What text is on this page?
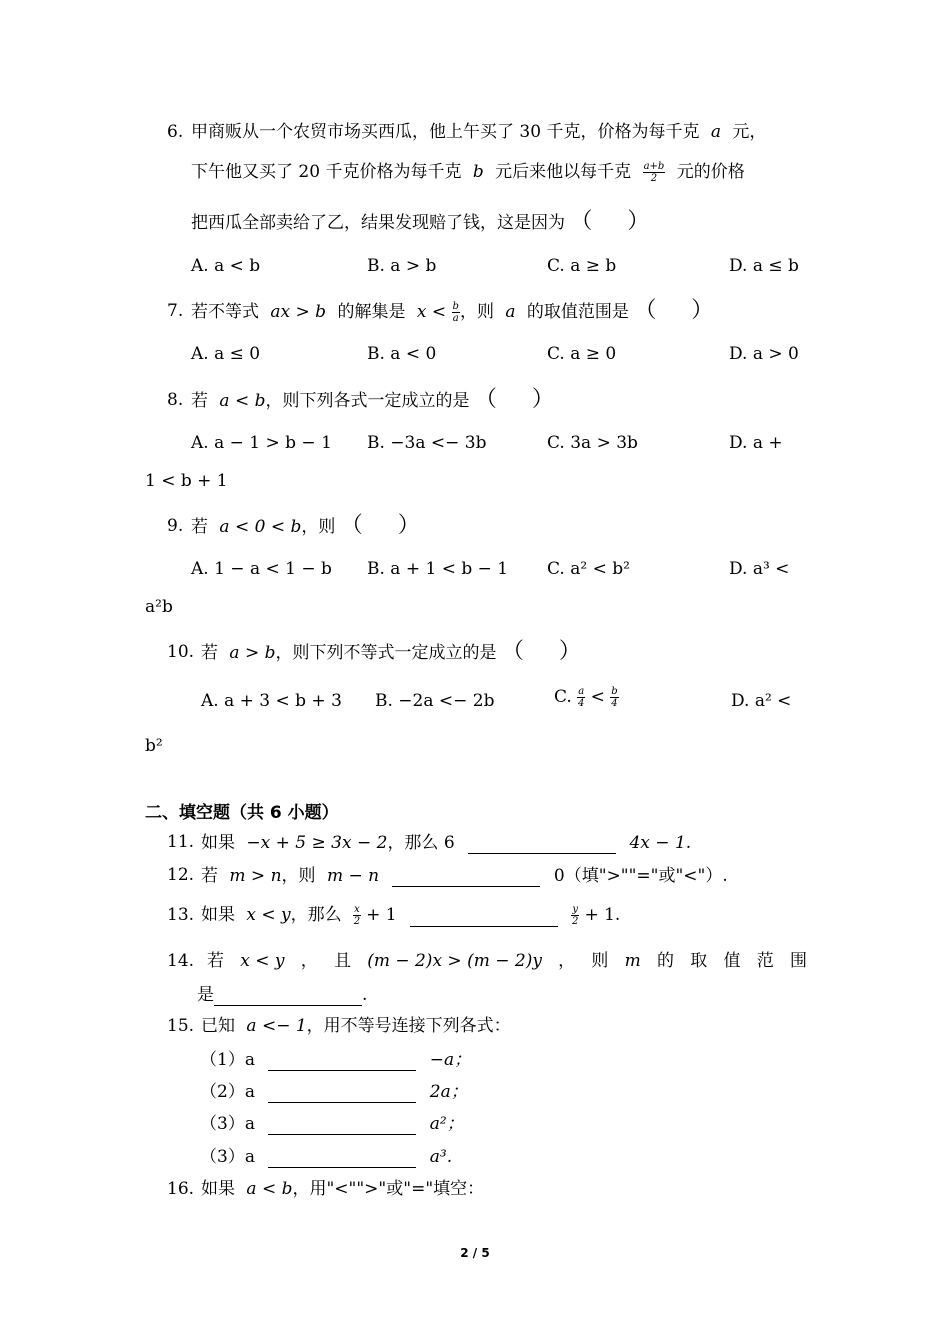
6. 甲商贩从一个农贸市场买西瓜，他上午买了 30 千克，价格为每千克 a 元，
下午他又买了 20 千克价格为每千克 b 元后来他以每千克 $\frac{a+b}{2}$ 元的价格
把西瓜全部卖给了乙，结果发现赔了钱，这是因为 （     ）
A. a < b	B. a > b	C. a ≥ b	D. a ≤ b
7. 若不等式 ax > b 的解集是 $x < \frac{b}{a}$ ，则 a 的取值范围是 （     ）
A. a ≤ 0	B. a < 0	C. a ≥ 0	D. a > 0
8. 若 a < b，则下列各式一定成立的是 （     ）
A. a − 1 > b − 1 B. −3a <− 3b	C. 3a > 3b	D. a +
1 < b + 1
9. 若 a < 0 < b，则 （     ）
A. 1 − a < 1 − b B. a + 1 < b − 1 C. a² < b²	D. a³ <
a²b
10. 若 a > b，则下列不等式一定成立的是 （     ）
A. a + 3 < b + 3 B. −2a <− 2b	C. $\frac{a}{4} < \frac{b}{4}$	D. a² <
b²
二、填空题（共 6 小题）
11. 如果 −x + 5 ≥ 3x − 2，那么 6	4x − 1.
12. 若 m > n，则 m − n	0（填">""="或"<"）.
13. 如果 x < y，那么 $\frac{x}{2} + 1$	$\frac{y}{2} + 1$.
14. 若 x < y ， 且 (m − 2)x > (m − 2)y ， 则 m 的 取 值 范 围
是	.
15. 已知 a <− 1，用不等号连接下列各式：
（1）a	−a；
（2）a	2a；
（3）a	a²；
（3）a	a³.
16. 如果 a < b，用"<"">"或"="填空：
2 / 5
